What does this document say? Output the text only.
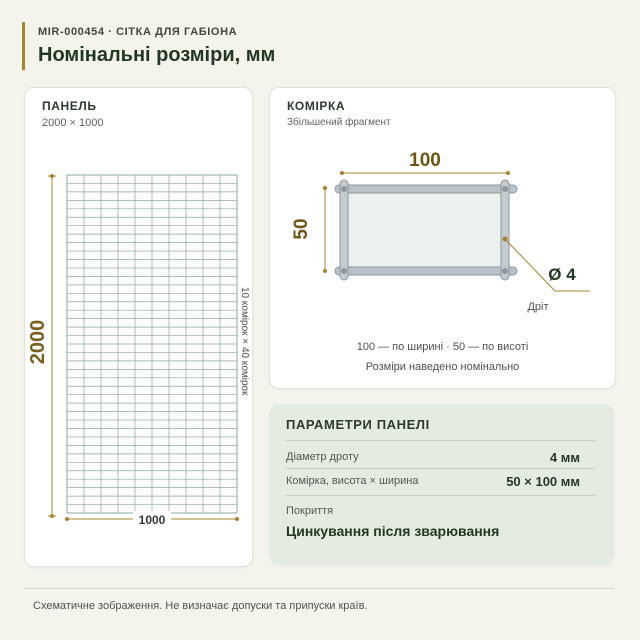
MIR-000454 · СІТКА ДЛЯ ГАБІОНА
Номінальні розміри, мм
ПАНЕЛЬ
2000 × 1000
2000
1000
10 комірок × 40 комірок
КОМІРКА
Збільшений фрагмент
100
50
Ø 4
Дріт
100 — по ширині · 50 — по висоті
Розміри наведено номінально
ПАРАМЕТРИ ПАНЕЛІ
Діаметр дроту	4 мм
Комірка, висота × ширина	50 × 100 мм
Покриття
Цинкування після зварювання
Схематичне зображення. Не визначає допуски та припуски країв.
